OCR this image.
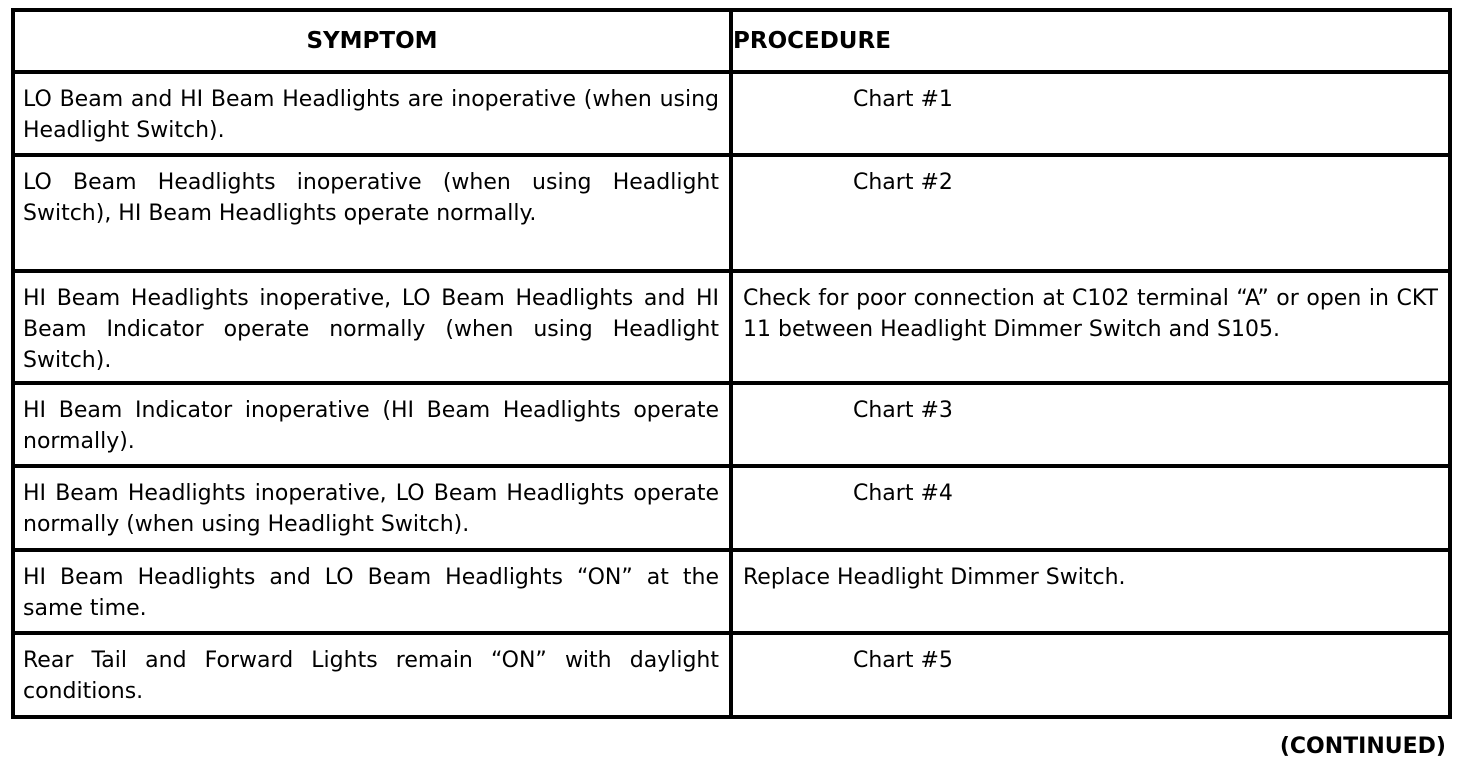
SYMPTOM	PROCEDURE
LO Beam and HI Beam Headlights are inoperative (when using Headlight Switch).	Chart #1
LO Beam Headlights inoperative (when using Headlight Switch), HI Beam Headlights operate normally.	Chart #2
HI Beam Headlights inoperative, LO Beam Headlights and HI Beam Indicator operate normally (when using Headlight Switch).	Check for poor connection at C102 terminal “A” or open in CKT 11 between Headlight Dimmer Switch and S105.
HI Beam Indicator inoperative (HI Beam Headlights operate normally).	Chart #3
HI Beam Headlights inoperative, LO Beam Headlights operate normally (when using Headlight Switch).	Chart #4
HI Beam Headlights and LO Beam Headlights “ON” at the same time.	Replace Headlight Dimmer Switch.
Rear Tail and Forward Lights remain “ON” with daylight conditions.	Chart #5
(CONTINUED)
